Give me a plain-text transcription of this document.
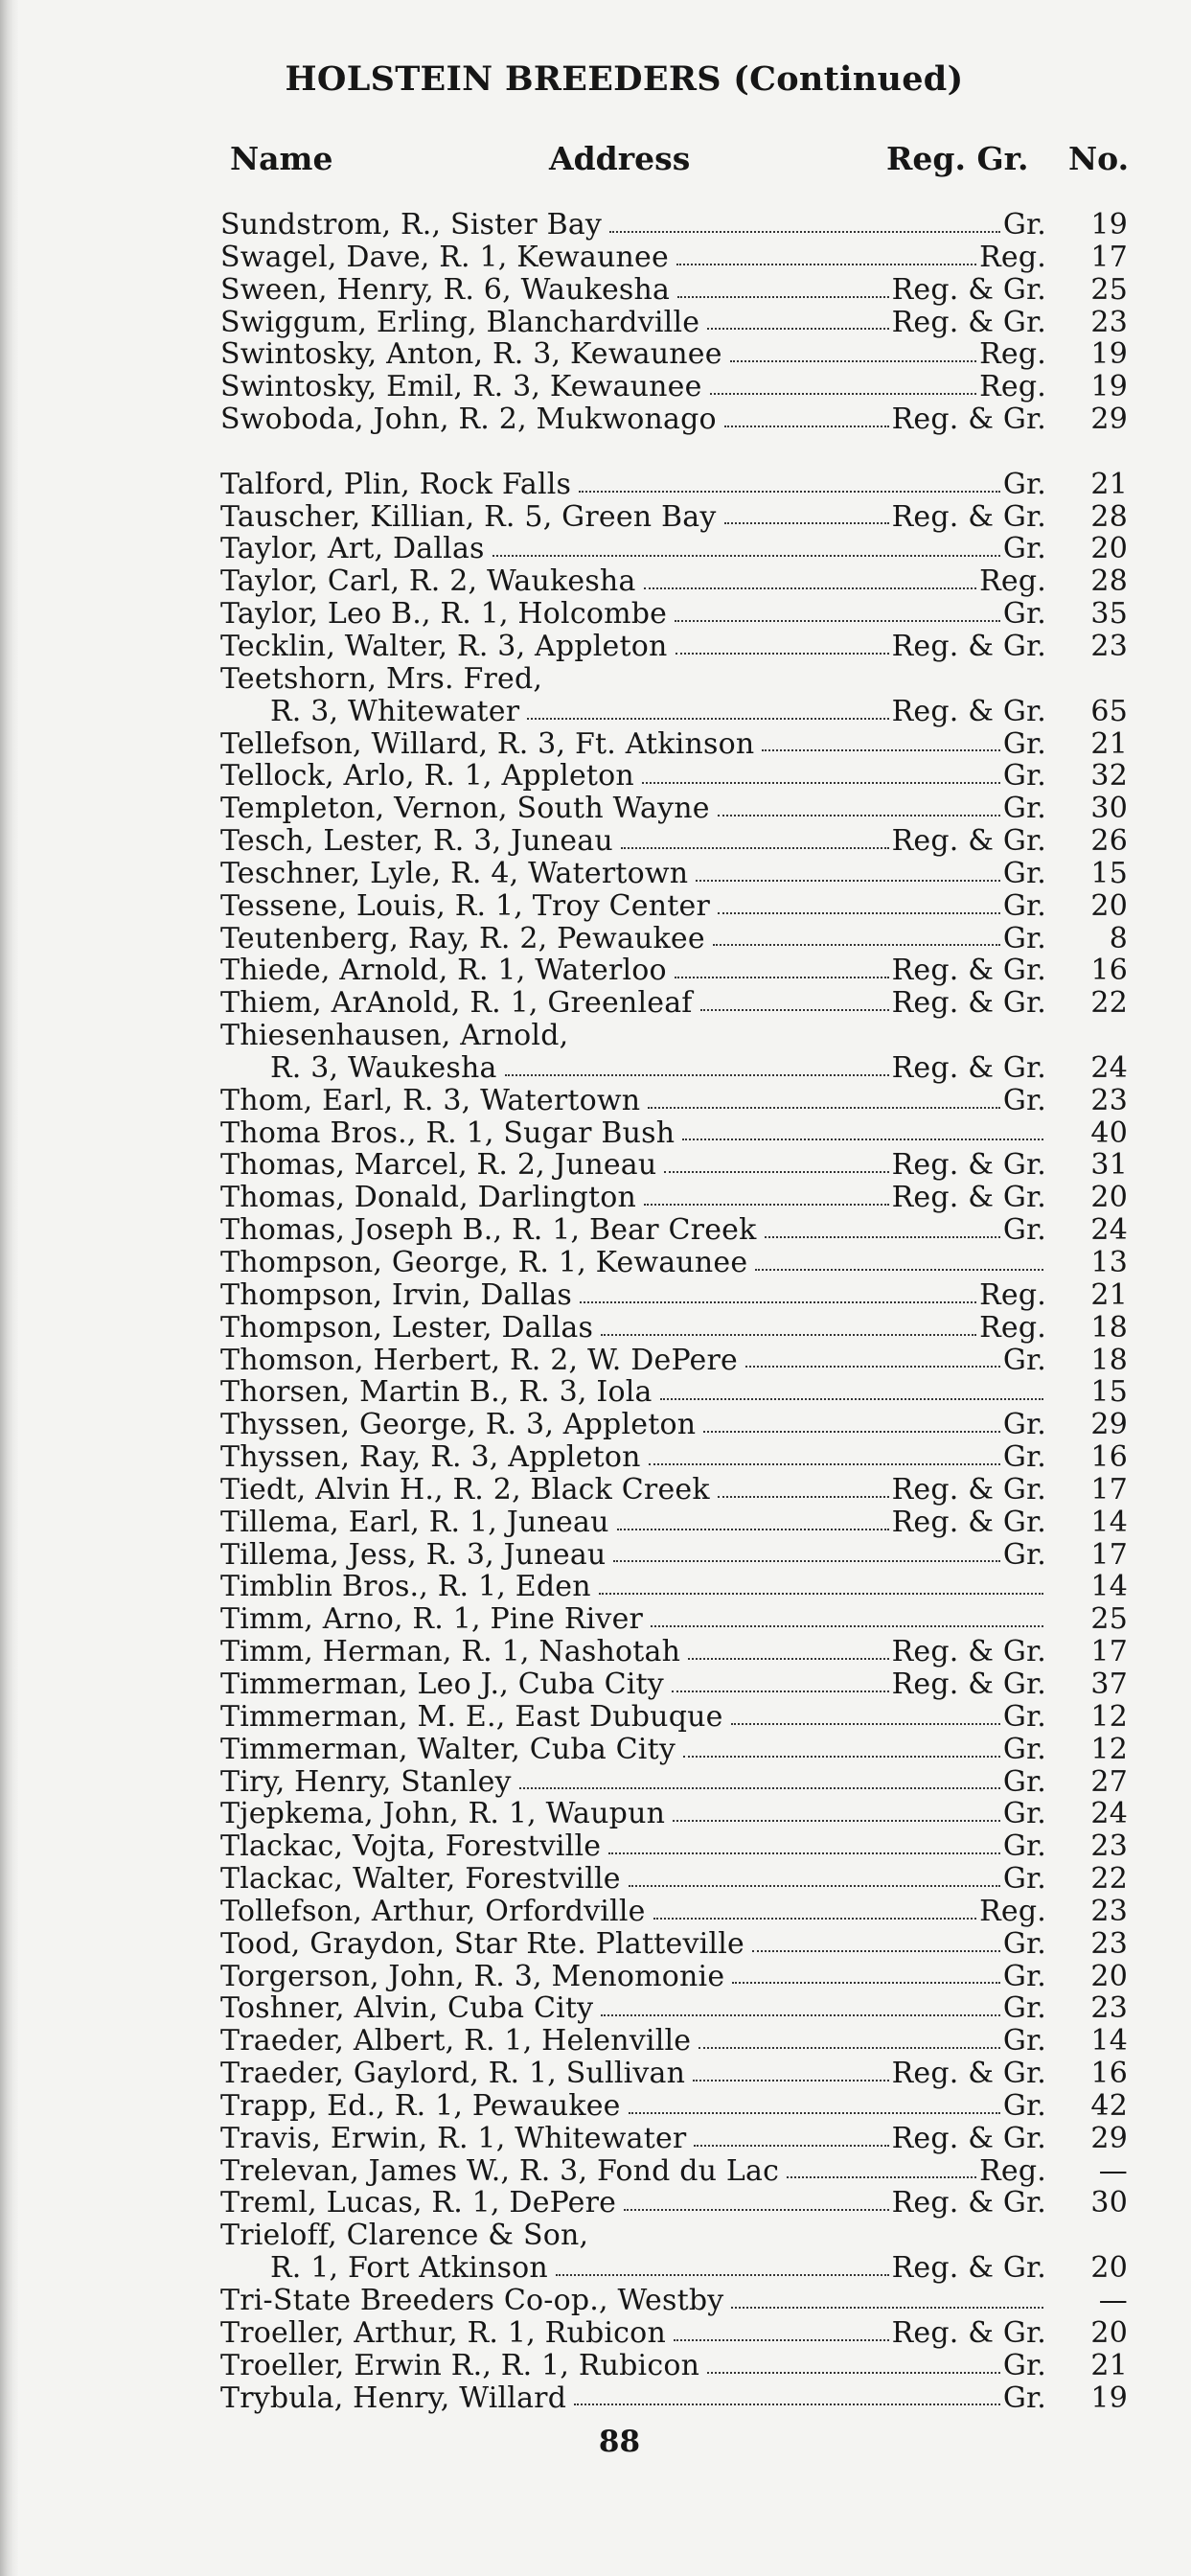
HOLSTEIN BREEDERS (Continued)
Name	Address	Reg. Gr. No.
Sundstrom, R., Sister Bay	Gr. 19
Swagel, Dave, R. 1, Kewaunee	Reg. 17
Sween, Henry, R. 6, Waukesha	Reg. & Gr. 25
Swiggum, Erling, Blanchardville	Reg. & Gr. 23
Swintosky, Anton, R. 3, Kewaunee	Reg. 19
Swintosky, Emil, R. 3, Kewaunee	Reg. 19
Swoboda, John, R. 2, Mukwonago	Reg. & Gr. 29
Talford, Plin, Rock Falls	Gr. 21
Tauscher, Killian, R. 5, Green Bay	Reg. & Gr. 28
Taylor, Art, Dallas	Gr. 20
Taylor, Carl, R. 2, Waukesha	Reg. 28
Taylor, Leo B., R. 1, Holcombe	Gr. 35
Tecklin, Walter, R. 3, Appleton	Reg. & Gr. 23
Teetshorn, Mrs. Fred,
R. 3, Whitewater	Reg. & Gr. 65
Tellefson, Willard, R. 3, Ft. Atkinson	Gr. 21
Tellock, Arlo, R. 1, Appleton	Gr. 32
Templeton, Vernon, South Wayne	Gr. 30
Tesch, Lester, R. 3, Juneau	Reg. & Gr. 26
Teschner, Lyle, R. 4, Watertown	Gr. 15
Tessene, Louis, R. 1, Troy Center	Gr. 20
Teutenberg, Ray, R. 2, Pewaukee	Gr. 8
Thiede, Arnold, R. 1, Waterloo	Reg. & Gr. 16
Thiem, ArAnold, R. 1, Greenleaf	Reg. & Gr. 22
Thiesenhausen, Arnold,
R. 3, Waukesha	Reg. & Gr. 24
Thom, Earl, R. 3, Watertown	Gr. 23
Thoma Bros., R. 1, Sugar Bush	40
Thomas, Marcel, R. 2, Juneau	Reg. & Gr. 31
Thomas, Donald, Darlington	Reg. & Gr. 20
Thomas, Joseph B., R. 1, Bear Creek	Gr. 24
Thompson, George, R. 1, Kewaunee	13
Thompson, Irvin, Dallas	Reg. 21
Thompson, Lester, Dallas	Reg. 18
Thomson, Herbert, R. 2, W. DePere	Gr. 18
Thorsen, Martin B., R. 3, Iola	15
Thyssen, George, R. 3, Appleton	Gr. 29
Thyssen, Ray, R. 3, Appleton	Gr. 16
Tiedt, Alvin H., R. 2, Black Creek	Reg. & Gr. 17
Tillema, Earl, R. 1, Juneau	Reg. & Gr. 14
Tillema, Jess, R. 3, Juneau	Gr. 17
Timblin Bros., R. 1, Eden	14
Timm, Arno, R. 1, Pine River	25
Timm, Herman, R. 1, Nashotah	Reg. & Gr. 17
Timmerman, Leo J., Cuba City	Reg. & Gr. 37
Timmerman, M. E., East Dubuque	Gr. 12
Timmerman, Walter, Cuba City	Gr. 12
Tiry, Henry, Stanley	Gr. 27
Tjepkema, John, R. 1, Waupun	Gr. 24
Tlackac, Vojta, Forestville	Gr. 23
Tlackac, Walter, Forestville	Gr. 22
Tollefson, Arthur, Orfordville	Reg. 23
Tood, Graydon, Star Rte. Platteville	Gr. 23
Torgerson, John, R. 3, Menomonie	Gr. 20
Toshner, Alvin, Cuba City	Gr. 23
Traeder, Albert, R. 1, Helenville	Gr. 14
Traeder, Gaylord, R. 1, Sullivan	Reg. & Gr. 16
Trapp, Ed., R. 1, Pewaukee	Gr. 42
Travis, Erwin, R. 1, Whitewater	Reg. & Gr. 29
Trelevan, James W., R. 3, Fond du Lac	Reg. —
Treml, Lucas, R. 1, DePere	Reg. & Gr. 30
Trieloff, Clarence & Son,
R. 1, Fort Atkinson	Reg. & Gr. 20
Tri-State Breeders Co-op., Westby	—
Troeller, Arthur, R. 1, Rubicon	Reg. & Gr. 20
Troeller, Erwin R., R. 1, Rubicon	Gr. 21
Trybula, Henry, Willard	Gr. 19
88
